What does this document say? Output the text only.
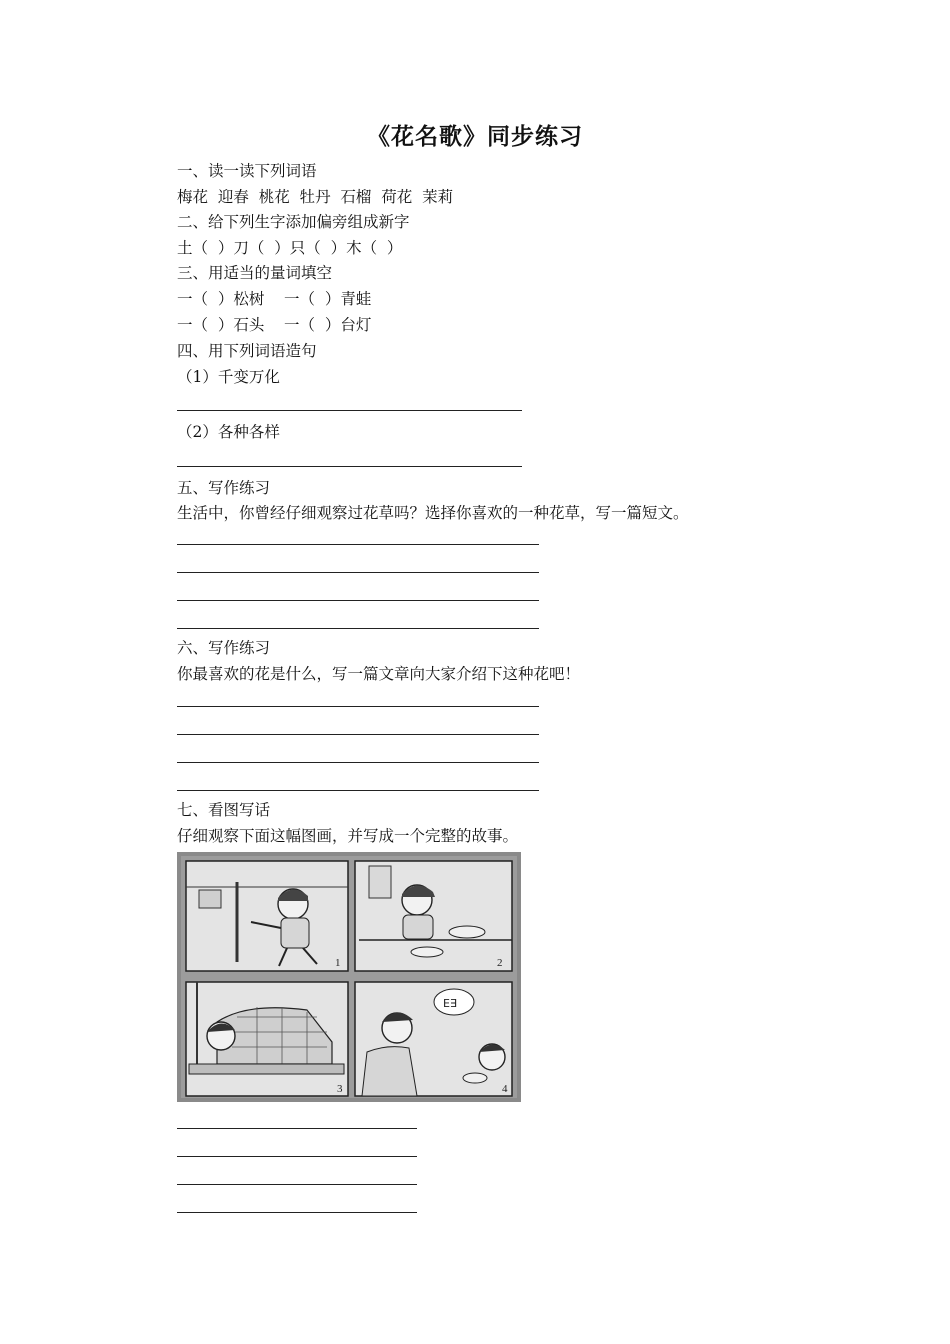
《花名歌》同步练习
一、读一读下列词语
梅花  迎春  桃花  牡丹  石榴  荷花  茉莉
二、给下列生字添加偏旁组成新字
土（  ）刀（  ）只（  ）木（  ）
三、用适当的量词填空
一（  ）松树    一（  ）青蛙
一（  ）石头    一（  ）台灯
四、用下列词语造句
（1）千变万化
（2）各种各样
五、写作练习
生活中，你曾经仔细观察过花草吗？选择你喜欢的一种花草，写一篇短文。
六、写作练习
你最喜欢的花是什么，写一篇文章向大家介绍下这种花吧！
七、看图写话
仔细观察下面这幅图画，并写成一个完整的故事。
1	2
3
E∃
4
